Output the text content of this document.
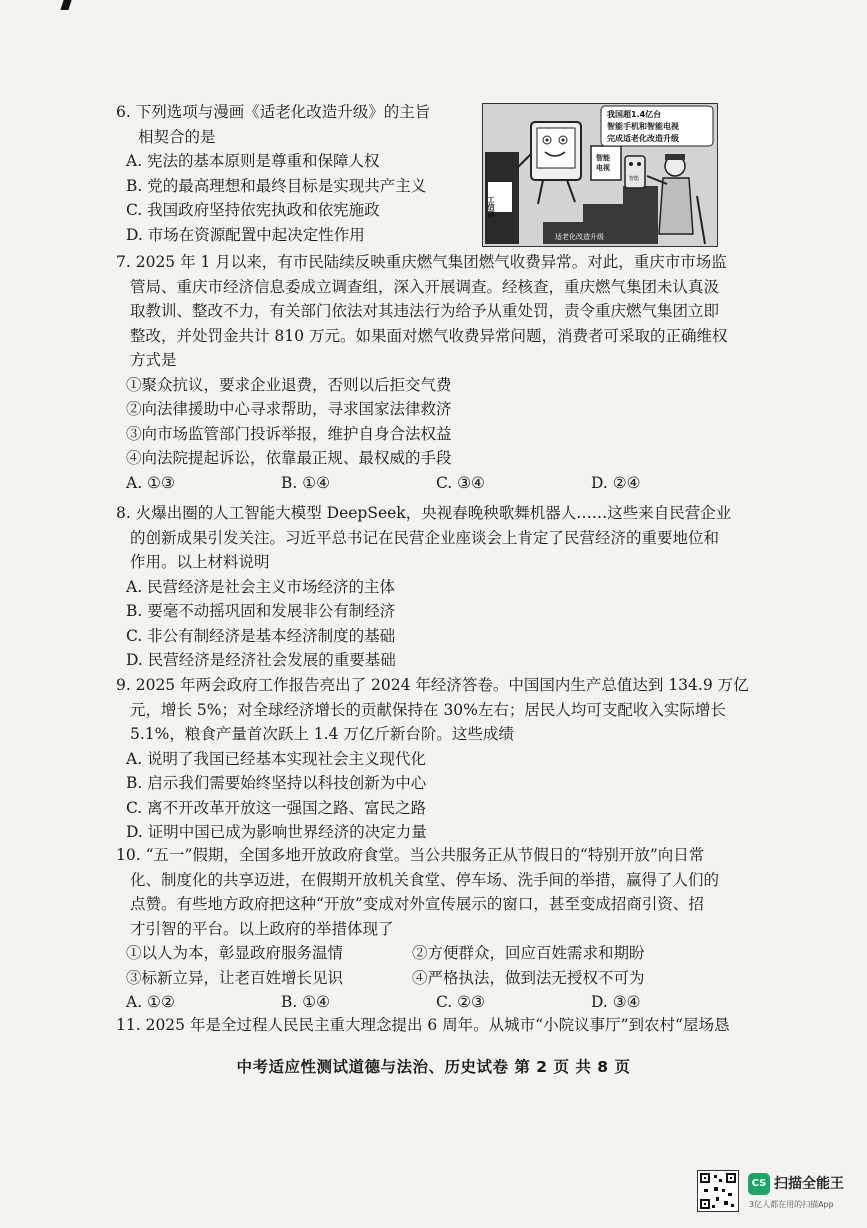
6. 下列选项与漫画《适老化改造升级》的主旨

相契合的是

A. 宪法的基本原则是尊重和保障人权

B. 党的最高理想和最终目标是实现共产主义

C. 我国政府坚持依宪执政和依宪施政

D. 市场在资源配置中起决定性作用

工信部
适老化改造升级
智能
电视
智能
我国超1.4亿台
智能手机和智能电视
完成适老化改造升级

7. 2025 年 1 月以来，有市民陆续反映重庆燃气集团燃气收费异常。对此，重庆市市场监

管局、重庆市经济信息委成立调查组，深入开展调查。经核查，重庆燃气集团未认真汲

取教训、整改不力，有关部门依法对其违法行为给予从重处罚，责令重庆燃气集团立即

整改，并处罚金共计 810 万元。如果面对燃气收费异常问题，消费者可采取的正确维权

方式是

①聚众抗议，要求企业退费，否则以后拒交气费

②向法律援助中心寻求帮助，寻求国家法律救济

③向市场监管部门投诉举报，维护自身合法权益

④向法院提起诉讼，依靠最正规、最权威的手段

A. ①③	B. ①④	C. ③④	D. ②④

8. 火爆出圈的人工智能大模型 DeepSeek，央视春晚秧歌舞机器人……这些来自民营企业

的创新成果引发关注。习近平总书记在民营企业座谈会上肯定了民营经济的重要地位和

作用。以上材料说明

A. 民营经济是社会主义市场经济的主体

B. 要毫不动摇巩固和发展非公有制经济

C. 非公有制经济是基本经济制度的基础

D. 民营经济是经济社会发展的重要基础

9. 2025 年两会政府工作报告亮出了 2024 年经济答卷。中国国内生产总值达到 134.9 万亿

元，增长 5%；对全球经济增长的贡献保持在 30%左右；居民人均可支配收入实际增长

5.1%，粮食产量首次跃上 1.4 万亿斤新台阶。这些成绩

A. 说明了我国已经基本实现社会主义现代化

B. 启示我们需要始终坚持以科技创新为中心

C. 离不开改革开放这一强国之路、富民之路

D. 证明中国已成为影响世界经济的决定力量

10. “五一”假期，全国多地开放政府食堂。当公共服务正从节假日的“特别开放”向日常

化、制度化的共享迈进，在假期开放机关食堂、停车场、洗手间的举措，赢得了人们的

点赞。有些地方政府把这种“开放”变成对外宣传展示的窗口，甚至变成招商引资、招

才引智的平台。以上政府的举措体现了

①以人为本，彰显政府服务温情	②方便群众，回应百姓需求和期盼
③标新立异，让老百姓增长见识	④严格执法，做到法无授权不可为
A. ①②	B. ①④	C. ②③	D. ③④

11. 2025 年是全过程人民民主重大理念提出 6 周年。从城市“小院议事厅”到农村“屋场恳

中考适应性测试道德与法治、历史试卷 第 2 页 共 8 页
CS 扫描全能王
3亿人都在用的扫描App
